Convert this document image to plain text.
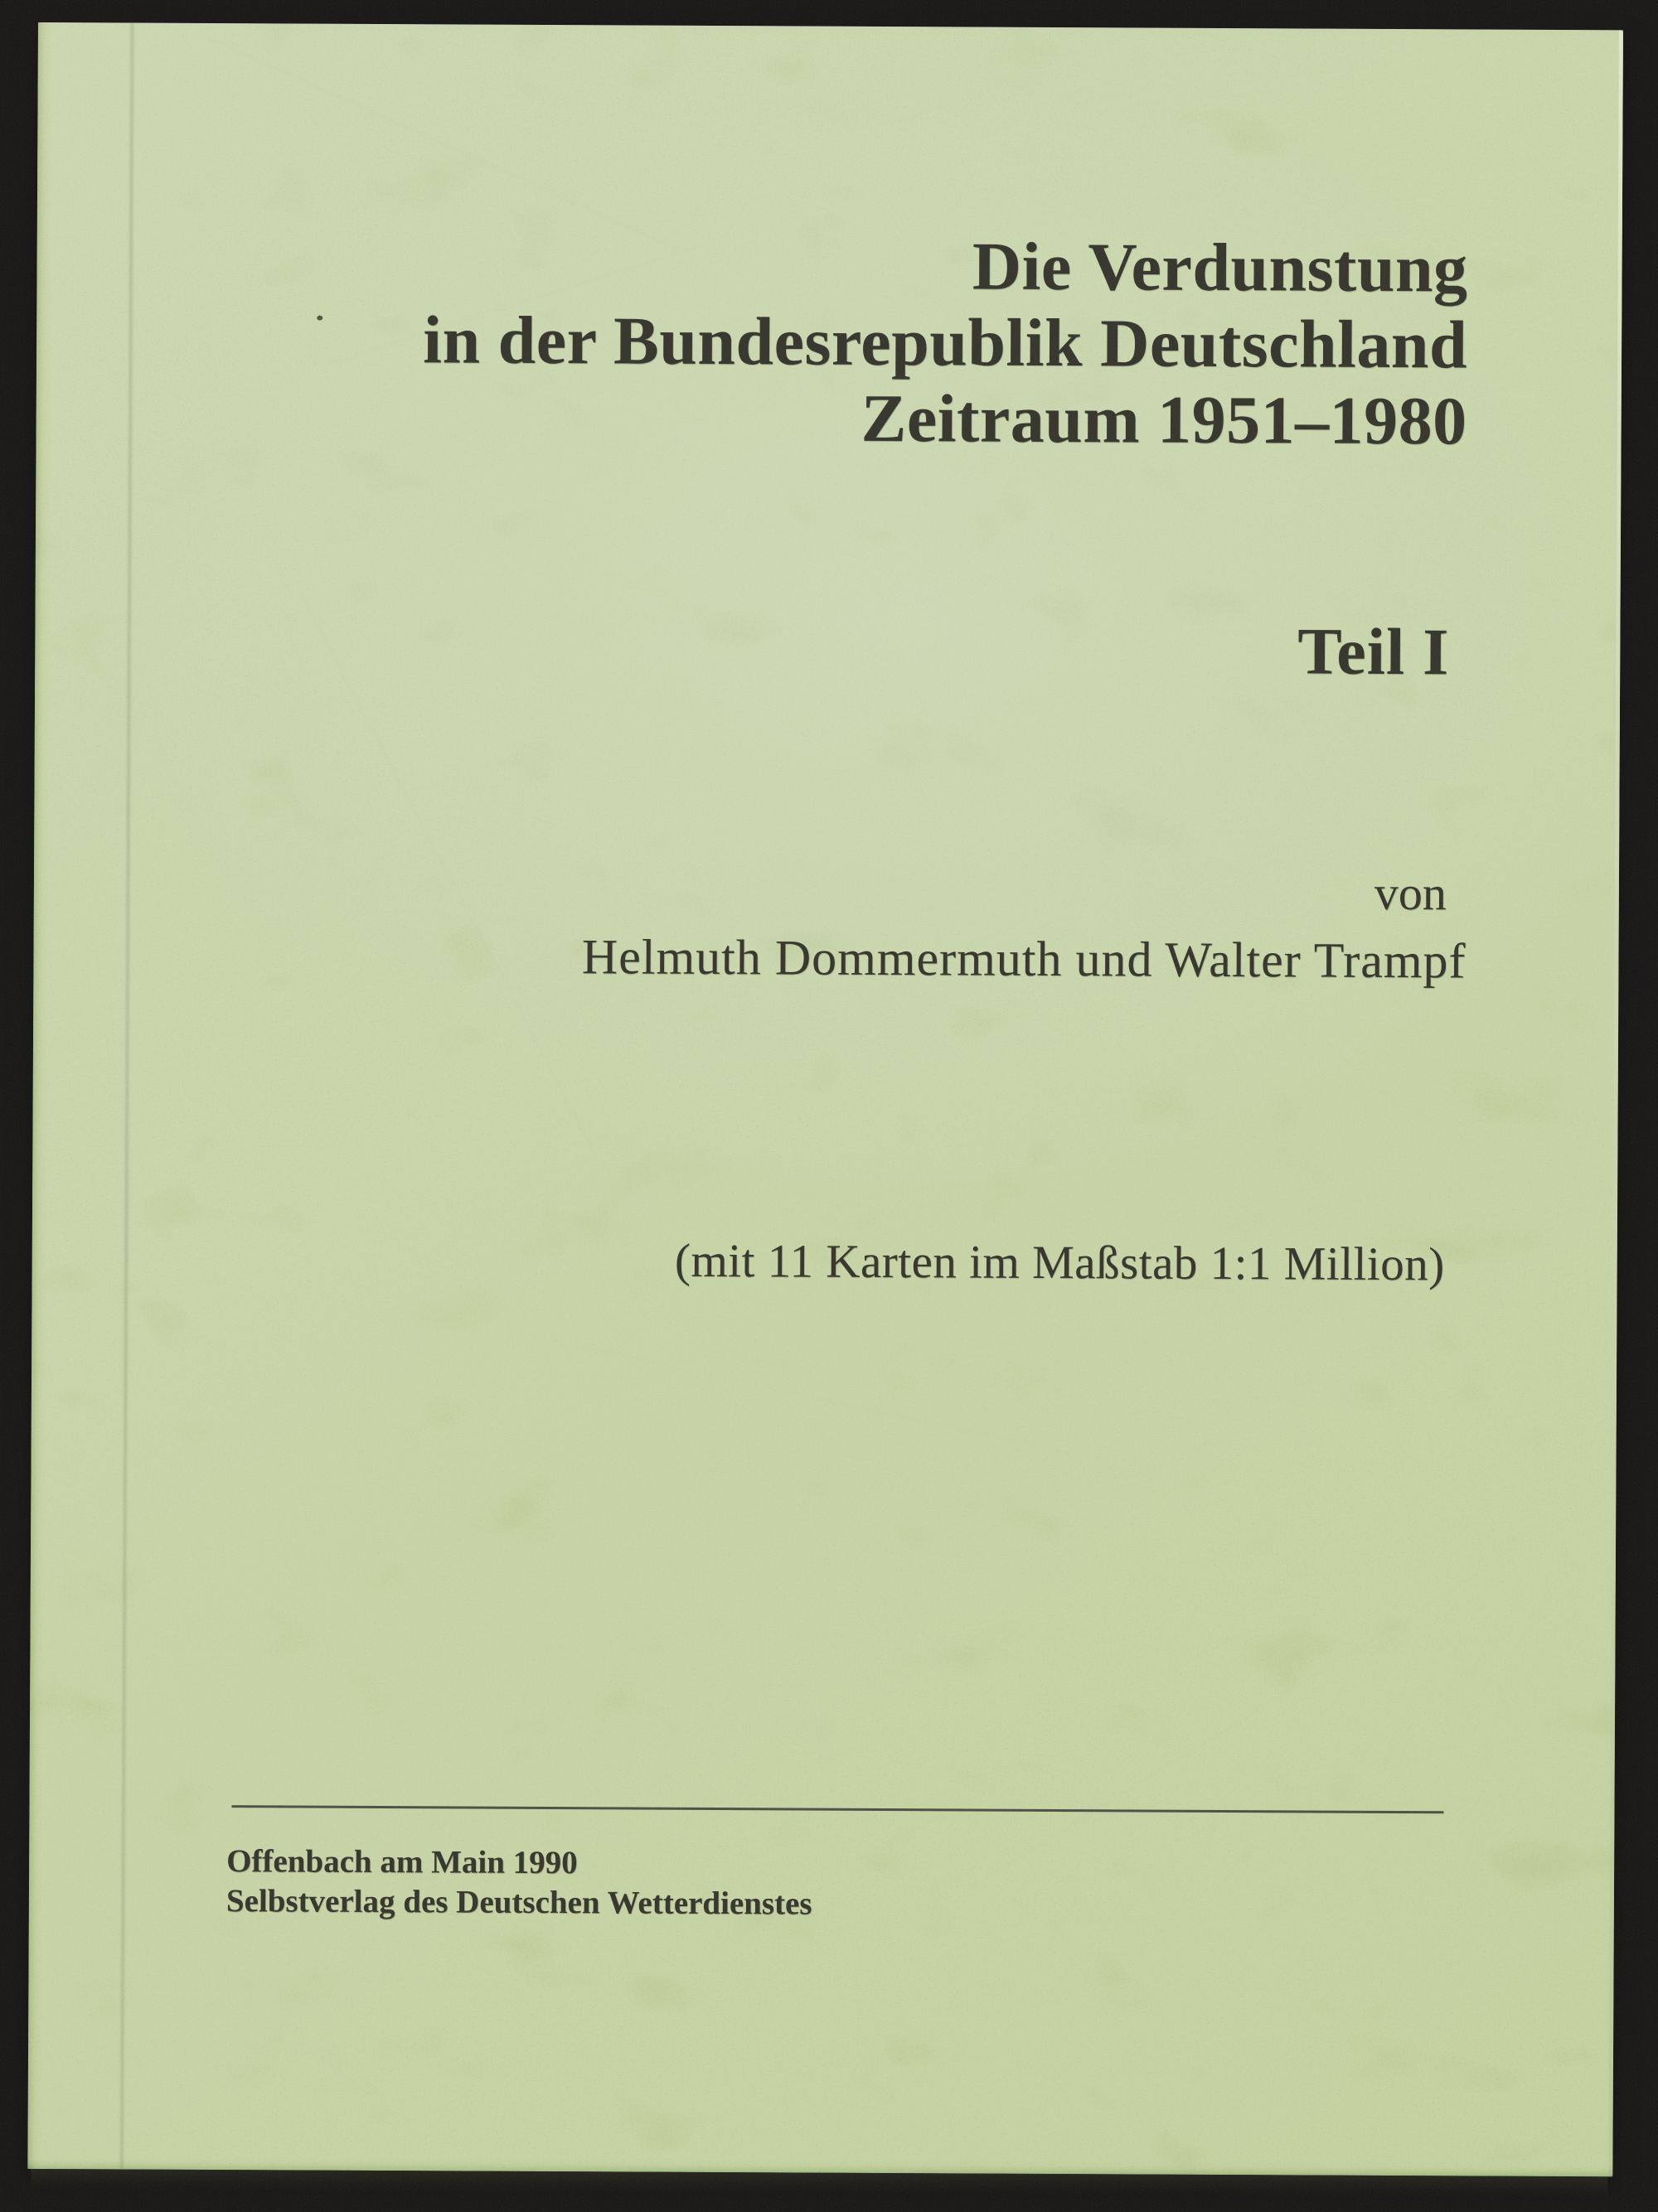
Die Verdunstung
in der Bundesrepublik Deutschland
Zeitraum 1951–1980
Teil I
von
Helmuth Dommermuth und Walter Trampf
(mit 11 Karten im Maßstab 1:1 Million)
Offenbach am Main 1990
Selbstverlag des Deutschen Wetterdienstes
